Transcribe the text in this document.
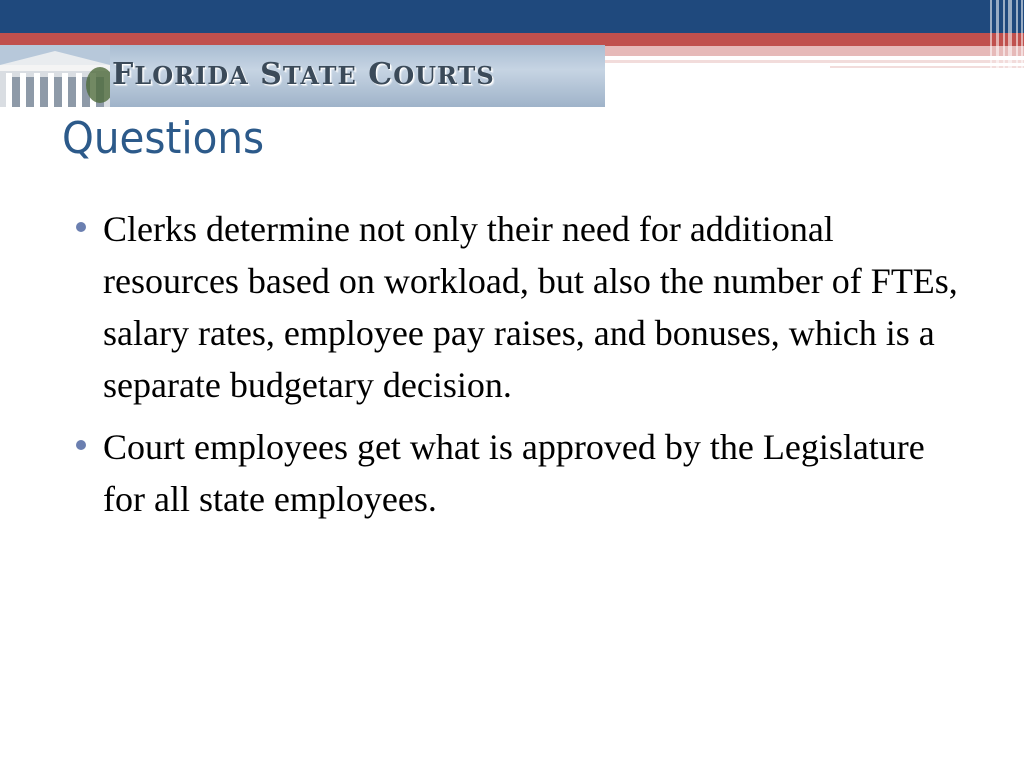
FLORIDA STATE COURTS
Questions
Clerks determine not only their need for additional resources based on workload, but also the number of FTEs, salary rates, employee pay raises, and bonuses, which is a separate budgetary decision.
Court employees get what is approved by the Legislature for all state employees.
